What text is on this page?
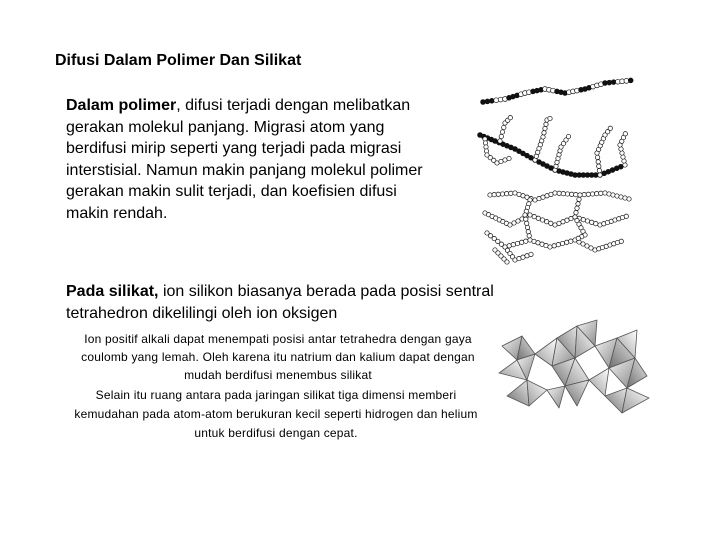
Difusi Dalam Polimer Dan Silikat
Dalam polimer, difusi terjadi dengan melibatkan gerakan molekul panjang. Migrasi atom yang berdifusi mirip seperti yang terjadi pada migrasi interstisial. Namun makin panjang molekul polimer gerakan makin sulit terjadi, dan koefisien difusi makin rendah.
Pada silikat, ion silikon biasanya berada pada posisi sentral tetrahedron dikelilingi oleh ion oksigen
Ion positif alkali dapat menempati posisi antar tetrahedra dengan gaya coulomb yang lemah. Oleh karena itu natrium dan kalium dapat dengan mudah berdifusi menembus silikat
Selain itu ruang antara pada jaringan silikat tiga dimensi memberi kemudahan pada atom-atom berukuran kecil seperti hidrogen dan helium untuk berdifusi dengan cepat.
